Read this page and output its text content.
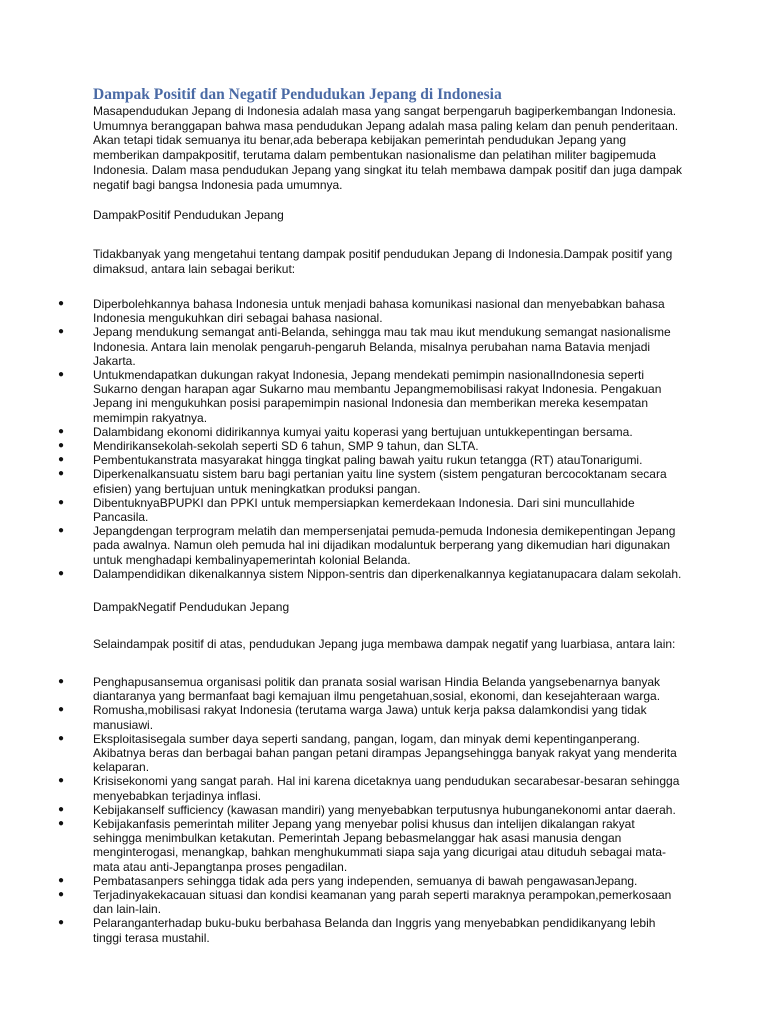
Dampak Positif dan Negatif Pendudukan Jepang di Indonesia

Masapendudukan Jepang di Indonesia adalah masa yang sangat berpengaruh bagiperkembangan Indonesia. Umumnya beranggapan bahwa masa pendudukan Jepang adalah masa paling kelam dan penuh penderitaan. Akan tetapi tidak semuanya itu benar,ada beberapa kebijakan pemerintah pendudukan Jepang yang memberikan dampakpositif, terutama dalam pembentukan nasionalisme dan pelatihan militer bagipemuda Indonesia. Dalam masa pendudukan Jepang yang singkat itu telah membawa dampak positif dan juga dampak negatif bagi bangsa Indonesia pada umumnya.

DampakPositif Pendudukan Jepang

Tidakbanyak yang mengetahui tentang dampak positif pendudukan Jepang di Indonesia.Dampak positif yang dimaksud, antara lain sebagai berikut:

● Diperbolehkannya bahasa Indonesia untuk menjadi bahasa komunikasi nasional dan menyebabkan bahasa Indonesia mengukuhkan diri sebagai bahasa nasional.
● Jepang mendukung semangat anti-Belanda, sehingga mau tak mau ikut mendukung semangat nasionalisme Indonesia. Antara lain menolak pengaruh-pengaruh Belanda, misalnya perubahan nama Batavia menjadi Jakarta.
● Untukmendapatkan dukungan rakyat Indonesia, Jepang mendekati pemimpin nasionalIndonesia seperti Sukarno dengan harapan agar Sukarno mau membantu Jepangmemobilisasi rakyat Indonesia. Pengakuan Jepang ini mengukuhkan posisi parapemimpin nasional Indonesia dan memberikan mereka kesempatan memimpin rakyatnya.
● Dalambidang ekonomi didirikannya kumyai yaitu koperasi yang bertujuan untukkepentingan bersama.
● Mendirikansekolah-sekolah seperti SD 6 tahun, SMP 9 tahun, dan SLTA.
● Pembentukanstrata masyarakat hingga tingkat paling bawah yaitu rukun tetangga (RT) atauTonarigumi.
● Diperkenalkansuatu sistem baru bagi pertanian yaitu line system (sistem pengaturan bercocoktanam secara efisien) yang bertujuan untuk meningkatkan produksi pangan.
● DibentuknyaBPUPKI dan PPKI untuk mempersiapkan kemerdekaan Indonesia. Dari sini muncullahide Pancasila.
● Jepangdengan terprogram melatih dan mempersenjatai pemuda-pemuda Indonesia demikepentingan Jepang pada awalnya. Namun oleh pemuda hal ini dijadikan modaluntuk berperang yang dikemudian hari digunakan untuk menghadapi kembalinyapemerintah kolonial Belanda.
● Dalampendidikan dikenalkannya sistem Nippon-sentris dan diperkenalkannya kegiatanupacara dalam sekolah.

DampakNegatif Pendudukan Jepang

Selaindampak positif di atas, pendudukan Jepang juga membawa dampak negatif yang luarbiasa, antara lain:

● Penghapusansemua organisasi politik dan pranata sosial warisan Hindia Belanda yangsebenarnya banyak diantaranya yang bermanfaat bagi kemajuan ilmu pengetahuan,sosial, ekonomi, dan kesejahteraan warga.
● Romusha,mobilisasi rakyat Indonesia (terutama warga Jawa) untuk kerja paksa dalamkondisi yang tidak manusiawi.
● Eksploitasisegala sumber daya seperti sandang, pangan, logam, dan minyak demi kepentinganperang. Akibatnya beras dan berbagai bahan pangan petani dirampas Jepangsehingga banyak rakyat yang menderita kelaparan.
● Krisisekonomi yang sangat parah. Hal ini karena dicetaknya uang pendudukan secarabesar-besaran sehingga menyebabkan terjadinya inflasi.
● Kebijakanself sufficiency (kawasan mandiri) yang menyebabkan terputusnya hubunganekonomi antar daerah.
● Kebijakanfasis pemerintah militer Jepang yang menyebar polisi khusus dan intelijen dikalangan rakyat sehingga menimbulkan ketakutan. Pemerintah Jepang bebasmelanggar hak asasi manusia dengan menginterogasi, menangkap, bahkan menghukummati siapa saja yang dicurigai atau dituduh sebagai mata-mata atau anti-Jepangtanpa proses pengadilan.
● Pembatasanpers sehingga tidak ada pers yang independen, semuanya di bawah pengawasanJepang.
● Terjadinyakekacauan situasi dan kondisi keamanan yang parah seperti maraknya perampokan,pemerkosaan dan lain-lain.
● Pelaranganterhadap buku-buku berbahasa Belanda dan Inggris yang menyebabkan pendidikanyang lebih tinggi terasa mustahil.
